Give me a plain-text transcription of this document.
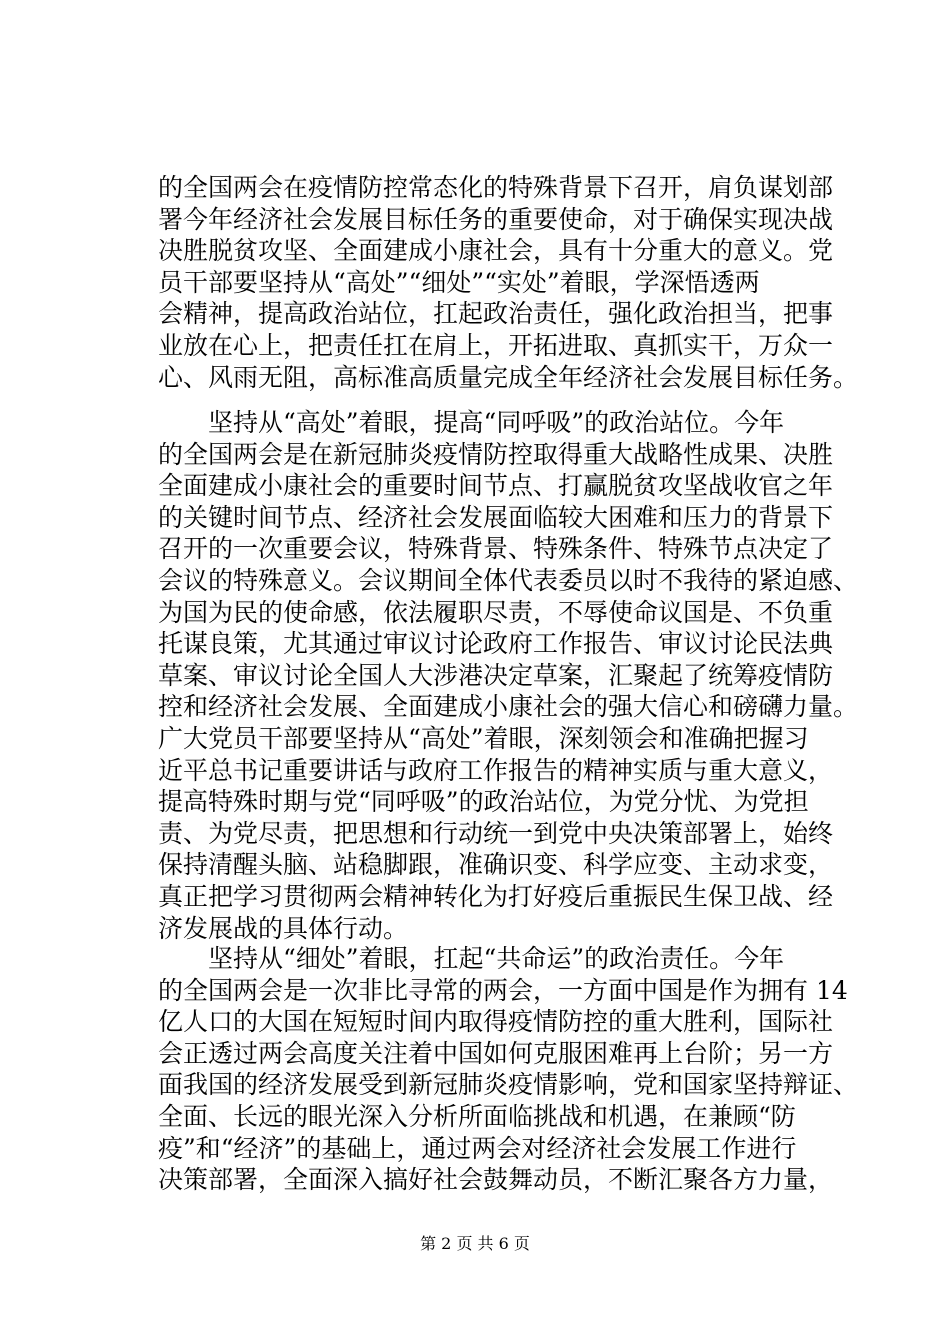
的全国两会在疫情防控常态化的特殊背景下召开，肩负谋划部
署今年经济社会发展目标任务的重要使命，对于确保实现决战
决胜脱贫攻坚、全面建成小康社会，具有十分重大的意义。党
员干部要坚持从“高处”“细处”“实处”着眼，学深悟透两
会精神，提高政治站位，扛起政治责任，强化政治担当，把事
业放在心上，把责任扛在肩上，开拓进取、真抓实干，万众一
心、风雨无阻，高标准高质量完成全年经济社会发展目标任务。
坚持从“高处”着眼，提高“同呼吸”的政治站位。今年
的全国两会是在新冠肺炎疫情防控取得重大战略性成果、决胜
全面建成小康社会的重要时间节点、打赢脱贫攻坚战收官之年
的关键时间节点、经济社会发展面临较大困难和压力的背景下
召开的一次重要会议，特殊背景、特殊条件、特殊节点决定了
会议的特殊意义。会议期间全体代表委员以时不我待的紧迫感、
为国为民的使命感，依法履职尽责，不辱使命议国是、不负重
托谋良策，尤其通过审议讨论政府工作报告、审议讨论民法典
草案、审议讨论全国人大涉港决定草案，汇聚起了统筹疫情防
控和经济社会发展、全面建成小康社会的强大信心和磅礴力量。
广大党员干部要坚持从“高处”着眼，深刻领会和准确把握习
近平总书记重要讲话与政府工作报告的精神实质与重大意义，
提高特殊时期与党“同呼吸”的政治站位，为党分忧、为党担
责、为党尽责，把思想和行动统一到党中央决策部署上，始终
保持清醒头脑、站稳脚跟，准确识变、科学应变、主动求变，
真正把学习贯彻两会精神转化为打好疫后重振民生保卫战、经
济发展战的具体行动。
坚持从“细处”着眼，扛起“共命运”的政治责任。今年
的全国两会是一次非比寻常的两会，一方面中国是作为拥有 14
亿人口的大国在短短时间内取得疫情防控的重大胜利，国际社
会正透过两会高度关注着中国如何克服困难再上台阶；另一方
面我国的经济发展受到新冠肺炎疫情影响，党和国家坚持辩证、
全面、长远的眼光深入分析所面临挑战和机遇，在兼顾“防
疫”和“经济”的基础上，通过两会对经济社会发展工作进行
决策部署，全面深入搞好社会鼓舞动员，不断汇聚各方力量，
第 2 页 共 6 页
